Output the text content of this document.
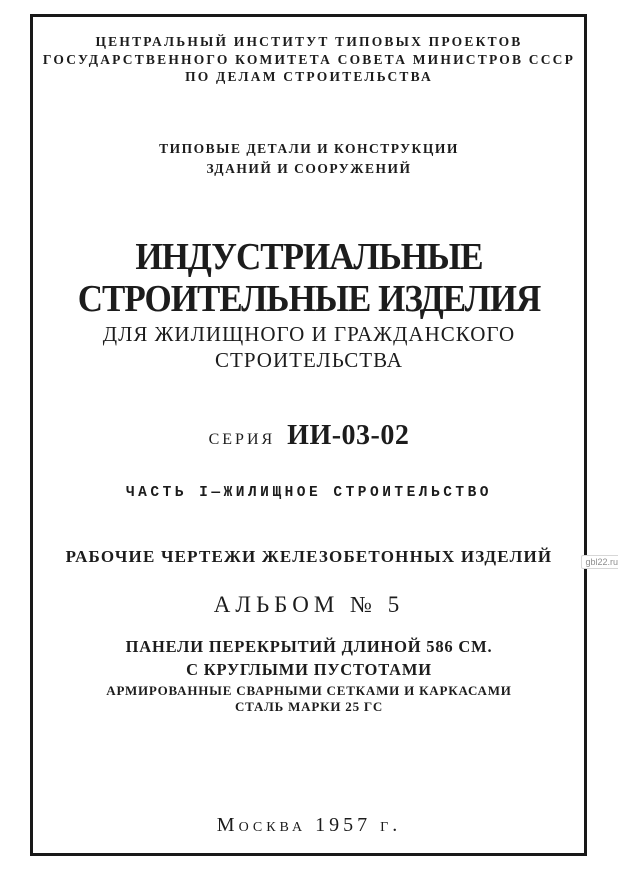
ЦЕНТРАЛЬНЫЙ ИНСТИТУТ ТИПОВЫХ ПРОЕКТОВ
ГОСУДАРСТВЕННОГО КОМИТЕТА СОВЕТА МИНИСТРОВ СССР
ПО ДЕЛАМ СТРОИТЕЛЬСТВА
ТИПОВЫЕ ДЕТАЛИ И КОНСТРУКЦИИ
ЗДАНИЙ И СООРУЖЕНИЙ
ИНДУСТРИАЛЬНЫЕ
СТРОИТЕЛЬНЫЕ ИЗДЕЛИЯ
ДЛЯ ЖИЛИЩНОГО И ГРАЖДАНСКОГО
СТРОИТЕЛЬСТВА
СЕРИЯ ИИ-03-02
ЧАСТЬ I—ЖИЛИЩНОЕ СТРОИТЕЛЬСТВО
РАБОЧИЕ ЧЕРТЕЖИ ЖЕЛЕЗОБЕТОННЫХ ИЗДЕЛИЙ
АЛЬБОМ № 5
ПАНЕЛИ ПЕРЕКРЫТИЙ ДЛИНОЙ 586 СМ.
С КРУГЛЫМИ ПУСТОТАМИ
АРМИРОВАННЫЕ СВАРНЫМИ СЕТКАМИ И КАРКАСАМИ
СТАЛЬ МАРКИ 25 ГС
Москва 1957 г.
gbl22.ru
